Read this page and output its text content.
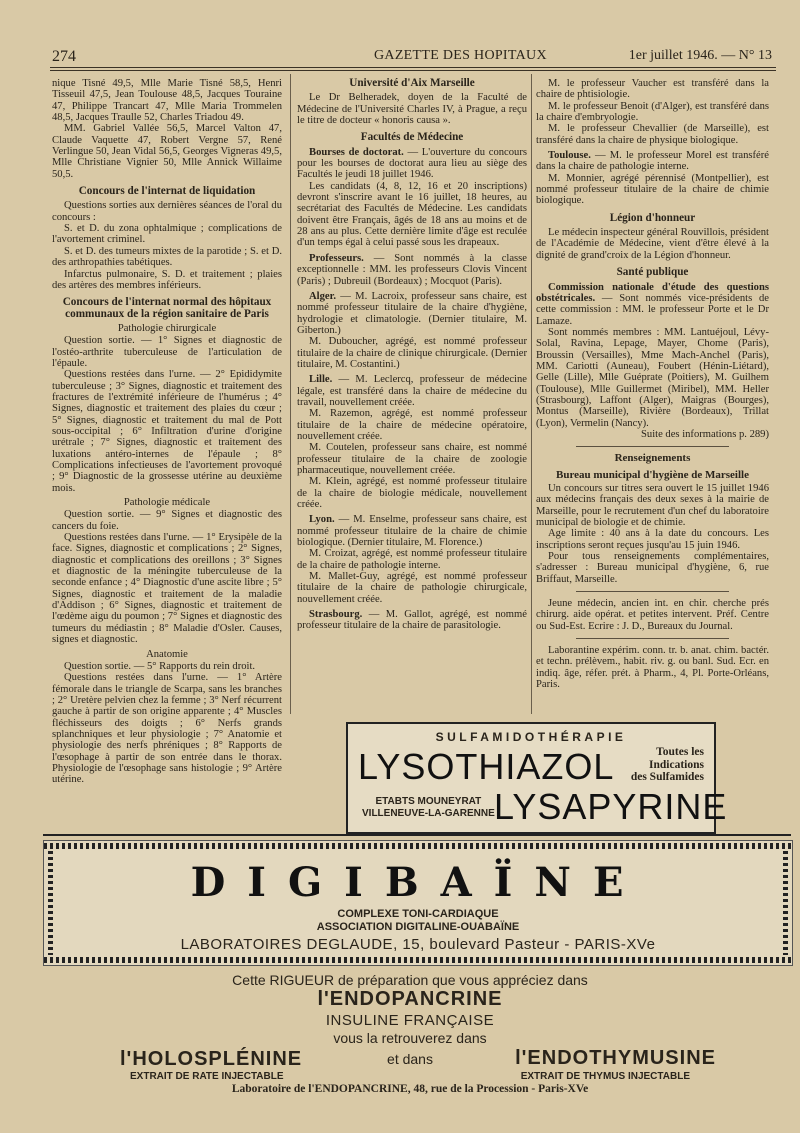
274	GAZETTE DES HOPITAUX	1er juillet 1946. — N° 13

nique Tisné 49,5, Mlle Marie Tisné 58,5, Henri Tisseuil 47,5, Jean Toulouse 48,5, Jacques Touraine 47, Philippe Trancart 47, Mlle Maria Trommelen 48,5, Jacques Traulle 52, Charles Triadou 49.

MM. Gabriel Vallée 56,5, Marcel Valton 47, Claude Vaquette 47, Robert Vergne 57, René Verlingue 50, Jean Vidal 56,5, Georges Vigneras 49,5, Mlle Christiane Vignier 50, Mlle Annick Willaime 50,5.

Concours de l'internat de liquidation

Questions sorties aux dernières séances de l'oral du concours :

S. et D. du zona ophtalmique ; complications de l'avortement criminel.

S. et D. des tumeurs mixtes de la parotide ; S. et D. des arthropathies tabétiques.

Infarctus pulmonaire, S. D. et traitement ; plaies des artères des membres inférieurs.

Concours de l'internat normal des hôpitaux communaux de la région sanitaire de Paris

Pathologie chirurgicale

Question sortie. — 1° Signes et diagnostic de l'ostéo-arthrite tuberculeuse de l'articulation de l'épaule.

Questions restées dans l'urne. — 2° Epididymite tuberculeuse ; 3° Signes, diagnostic et traitement des fractures de l'extrémité inférieure de l'humérus ; 4° Signes, diagnostic et traitement des plaies du cœur ; 5° Signes, diagnostic et traitement du mal de Pott sous-occipital ; 6° Infiltration d'urine d'origine urétrale ; 7° Signes, diagnostic et traitement des luxations antéro-internes de l'épaule ; 8° Complications infectieuses de l'avortement provoqué ; 9° Diagnostic de la grossesse utérine au deuxième mois.

Pathologie médicale

Question sortie. — 9° Signes et diagnostic des cancers du foie.

Questions restées dans l'urne. — 1° Erysipèle de la face. Signes, diagnostic et complications ; 2° Signes, diagnostic et complications des oreillons ; 3° Signes et diagnostic de la méningite tuberculeuse de la seconde enfance ; 4° Diagnostic d'une ascite libre ; 5° Signes, diagnostic et traitement de la maladie d'Addison ; 6° Signes, diagnostic et traitement de l'œdème aigu du poumon ; 7° Signes et diagnostic des tumeurs du médiastin ; 8° Maladie d'Osler. Causes, signes et diagnostic.

Anatomie

Question sortie. — 5° Rapports du rein droit.

Questions restées dans l'urne. — 1° Artère fémorale dans le triangle de Scarpa, sans les branches ; 2° Uretère pelvien chez la femme ; 3° Nerf récurrent gauche à partir de son origine apparente ; 4° Muscles fléchisseurs des doigts ; 6° Nerfs grands splanchniques et leur physiologie ; 7° Anatomie et physiologie des nerfs phréniques ; 8° Rapports de l'œsophage à partir de son entrée dans le thorax. Physiologie de l'œsophage sans histologie ; 9° Artère utérine.

Université d'Aix Marseille

Le Dr Belheradek, doyen de la Faculté de Médecine de l'Université Charles IV, à Prague, a reçu le titre de docteur « honoris causa ».

Facultés de Médecine

Bourses de doctorat. — L'ouverture du concours pour les bourses de doctorat aura lieu au siège des Facultés le jeudi 18 juillet 1946.

Les candidats (4, 8, 12, 16 et 20 inscriptions) devront s'inscrire avant le 16 juillet, 18 heures, au secrétariat des Facultés de Médecine. Les candidats doivent être Français, âgés de 18 ans au moins et de 28 ans au plus. Cette dernière limite d'âge est reculée d'un temps égal à celui passé sous les drapeaux.

Professeurs. — Sont nommés à la classe exceptionnelle : MM. les professeurs Clovis Vincent (Paris) ; Dubreuil (Bordeaux) ; Mocquot (Paris).

Alger. — M. Lacroix, professeur sans chaire, est nommé professeur titulaire de la chaire d'hygiène, hydrologie et climatologie. (Dernier titulaire, M. Giberton.)

M. Duboucher, agrégé, est nommé professeur titulaire de la chaire de clinique chirurgicale. (Dernier titulaire, M. Costantini.)

Lille. — M. Leclercq, professeur de médecine légale, est transféré dans la chaire de médecine du travail, nouvellement créée.

M. Razemon, agrégé, est nommé professeur titulaire de la chaire de médecine opératoire, nouvellement créée.

M. Coutelen, professeur sans chaire, est nommé professeur titulaire de la chaire de zoologie pharmaceutique, nouvellement créée.

M. Klein, agrégé, est nommé professeur titulaire de la chaire de biologie médicale, nouvellement créée.

Lyon. — M. Enselme, professeur sans chaire, est nommé professeur titulaire de la chaire de chimie biologique. (Dernier titulaire, M. Florence.)

M. Croizat, agrégé, est nommé professeur titulaire de la chaire de pathologie interne.

M. Mallet-Guy, agrégé, est nommé professeur titulaire de la chaire de pathologie chirurgicale, nouvellement créée.

Strasbourg. — M. Gallot, agrégé, est nommé professeur titulaire de la chaire de parasitologie.

M. le professeur Vaucher est transféré dans la chaire de phtisiologie.

M. le professeur Benoit (d'Alger), est transféré dans la chaire d'embryologie.

M. le professeur Chevallier (de Marseille), est transféré dans la chaire de physique biologique.

Toulouse. — M. le professeur Morel est transféré dans la chaire de pathologie interne.

M. Monnier, agrégé pérennisé (Montpellier), est nommé professeur titulaire de la chaire de chimie biologique.

Légion d'honneur

Le médecin inspecteur général Rouvillois, président de l'Académie de Médecine, vient d'être élevé à la dignité de grand'croix de la Légion d'honneur.

Santé publique

Commission nationale d'étude des questions obstétricales. — Sont nommés vice-présidents de cette commission : MM. le professeur Porte et le Dr Lamaze.

Sont nommés membres : MM. Lantuéjoul, Lévy-Solal, Ravina, Lepage, Mayer, Chome (Paris), Broussin (Versailles), Mme Mach-Anchel (Paris), MM. Cariotti (Auneau), Foubert (Hénin-Liétard), Gelle (Lille), Mlle Guéprate (Poitiers), M. Guilhem (Toulouse), Mlle Guillermet (Miribel), MM. Heller (Strasbourg), Laffont (Alger), Maigras (Bourges), Montus (Marseille), Rivière (Bordeaux), Trillat (Lyon), Vermelin (Nancy).

Suite des informations p. 289)

Renseignements

Bureau municipal d'hygiène de Marseille

Un concours sur titres sera ouvert le 15 juillet 1946 aux médecins français des deux sexes à la mairie de Marseille, pour le recrutement d'un chef du laboratoire municipal de biologie et de chimie.

Age limite : 40 ans à la date du concours. Les inscriptions seront reçues jusqu'au 15 juin 1946.

Pour tous renseignements complémentaires, s'adresser : Bureau municipal d'hygiène, 6, rue Briffaut, Marseille.

Jeune médecin, ancien int. en chir. cherche prés chirurg. aide opérat. et petites intervent. Préf. Centre ou Sud-Est. Ecrire : J. D., Bureaux du Journal.

Laborantine expérim. conn. tr. b. anat. chim. bactér. et techn. prélèvem., habit. riv. g. ou banl. Sud. Ecr. en indiq. âge, réfer. prét. à Pharm., 4, Pl. Porte-Orléans, Paris.

SULFAMIDOTHÉRAPIE
LYSOTHIAZOL	Toutes les
Indications
des Sulfamides
ETABTS MOUNEYRAT
VILLENEUVE-LA-GARENNE LYSAPYRINE
DIGIBAÏNE
COMPLEXE TONI-CARDIAQUE
ASSOCIATION DIGITALINE-OUABAÏNE
LABORATOIRES DEGLAUDE, 15, boulevard Pasteur - PARIS-XVe
Cette RIGUEUR de préparation que vous appréciez dans
l'ENDOPANCRINE
INSULINE FRANÇAISE
vous la retrouverez dans
l'HOLOSPLÉNINE	et dans	l'ENDOTHYMUSINE
EXTRAIT DE RATE INJECTABLE	EXTRAIT DE THYMUS INJECTABLE
Laboratoire de l'ENDOPANCRINE, 48, rue de la Procession - Paris-XVe
